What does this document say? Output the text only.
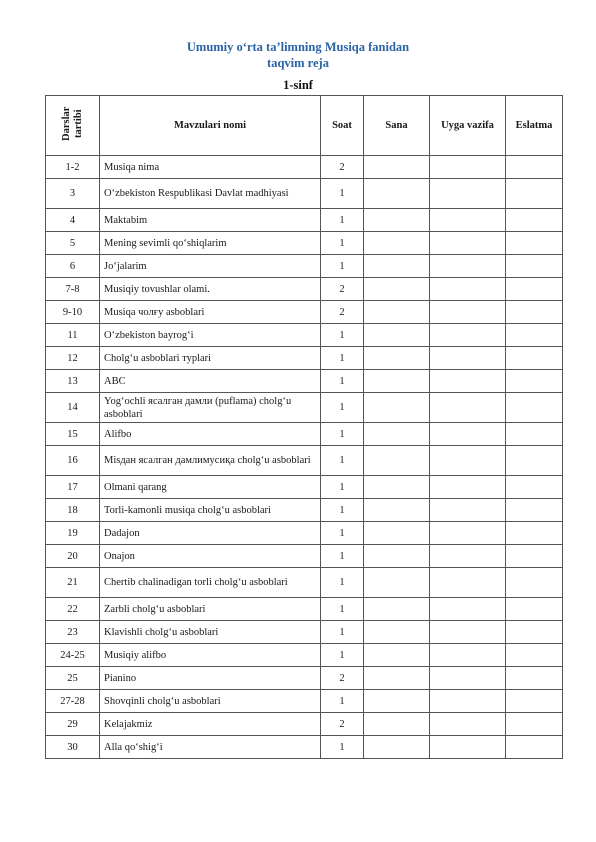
Umumiy o‘rta ta’limning Musiqa fanidan
taqvim reja
1-sinf
Darslar tartibi	Mavzulari nomi	Soat	Sana	Uyga vazifa	Eslatma
1-2	Musiqa nima	2			
3	O‘zbekiston Respublikasi Davlat madhiyasi	1			
4	Maktabim	1			
5	Mening sevimli qo‘shiqlarim	1			
6	Jo‘jalarim	1			
7-8	Musiqiy tovushlar olami.	2			
9-10	Musiqa чолғу asboblari	2			
11	O‘zbekiston bayrog‘i	1			
12	Cholg‘u asboblari турlari	1			
13	ABC	1			
14	Yog‘ochli ясалган дамли (puflama) cholg‘u asboblari	1			
15	Alifbo	1			
16	Misдан ясалган дамлимусиқа cholg‘u asboblari	1			
17	Olmani qarang	1			
18	Torli-kamonli musiqa cholg‘u asboblari	1			
19	Dadajon	1			
20	Onajon	1			
21	Chertib chalinadigan torli cholg‘u asboblari	1			
22	Zarbli cholg‘u asboblari	1			
23	Klavishli cholg‘u asboblari	1			
24-25	Musiqiy alifbo	1			
25	Pianino	2			
27-28	Shovqinli cholg‘u asboblari	1			
29	Kelajakmiz	2			
30	Alla qo‘shig‘i	1			
